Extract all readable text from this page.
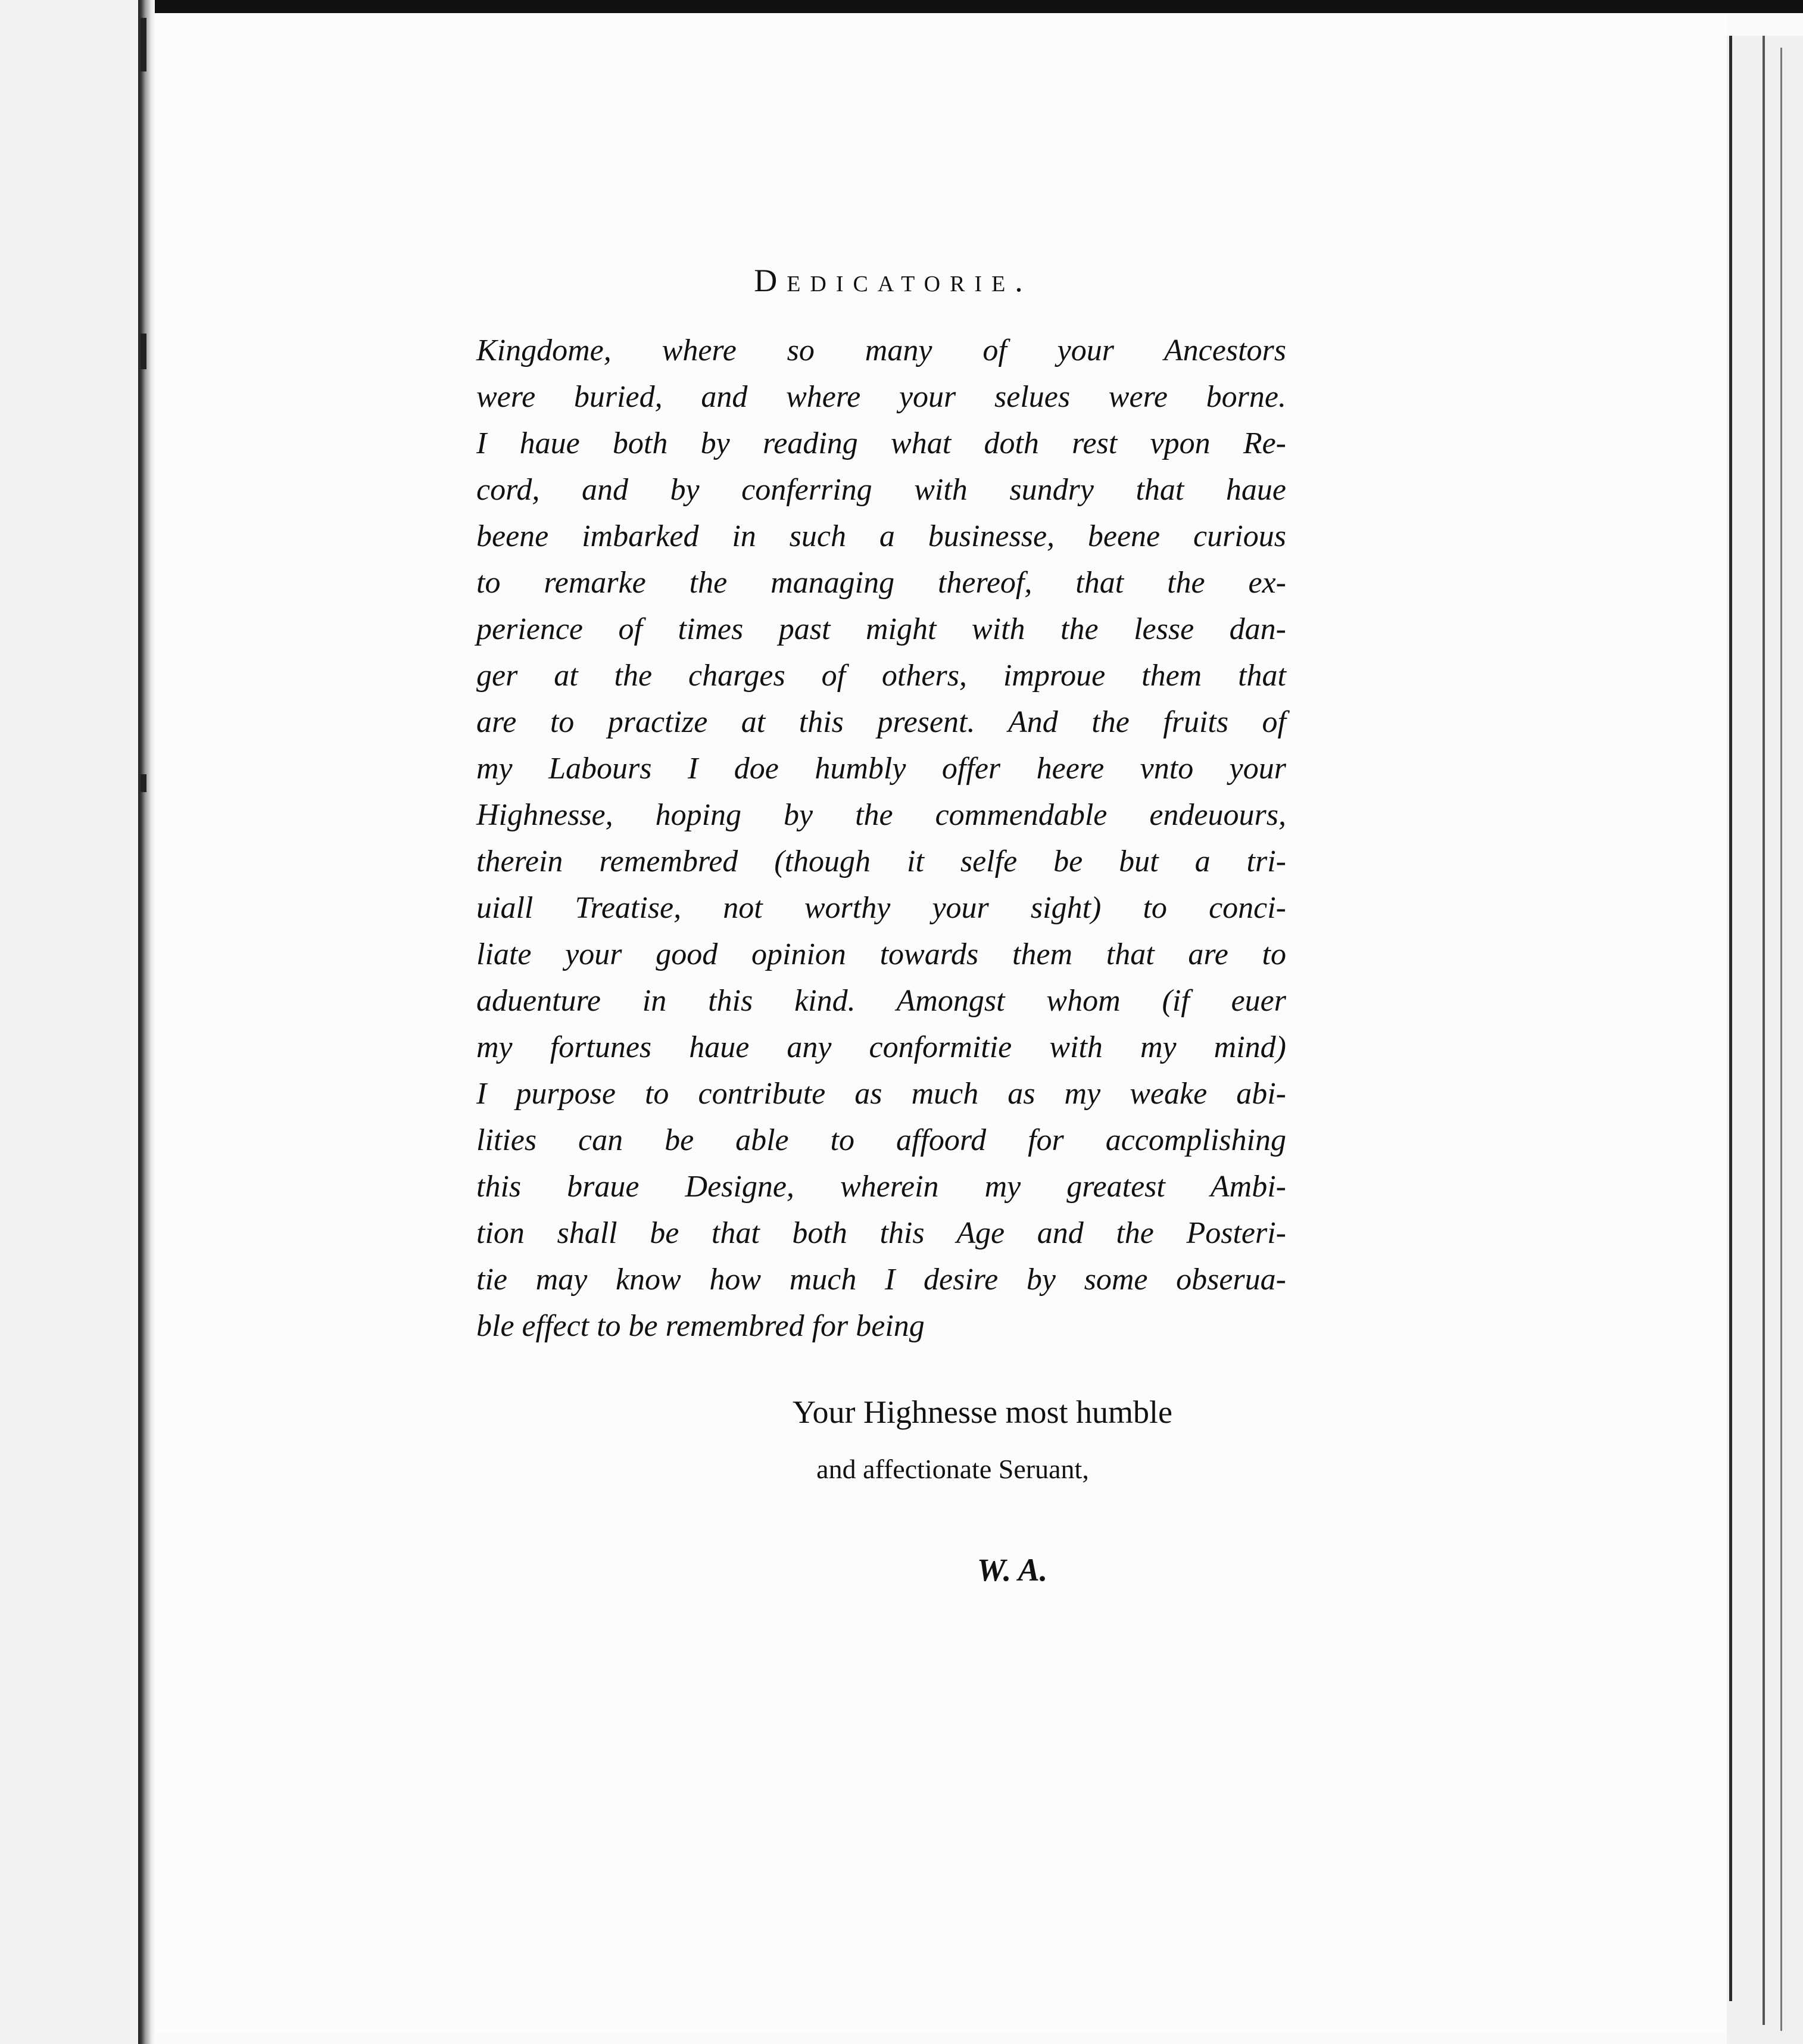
Dedicatorie.

Kingdome, where so many of your Ancestors
were buried, and where your selues were borne.
I haue both by reading what doth rest vpon Re-
cord, and by conferring with sundry that haue
beene imbarked in such a businesse, beene curious
to remarke the managing thereof, that the ex-
perience of times past might with the lesse dan-
ger at the charges of others, improue them that
are to practize at this present. And the fruits of
my Labours I doe humbly offer heere vnto your
Highnesse, hoping by the commendable endeuours,
therein remembred (though it selfe be but a tri-
uiall Treatise, not worthy your sight) to conci-
liate your good opinion towards them that are to
aduenture in this kind. Amongst whom (if euer
my fortunes haue any conformitie with my mind)
I purpose to contribute as much as my weake abi-
lities can be able to affoord for accomplishing
this braue Designe, wherein my greatest Ambi-
tion shall be that both this Age and the Posteri-
tie may know how much I desire by some obserua-
ble effect to be remembred for being

Your Highnesse most humble
and affectionate Seruant,
W. A.
